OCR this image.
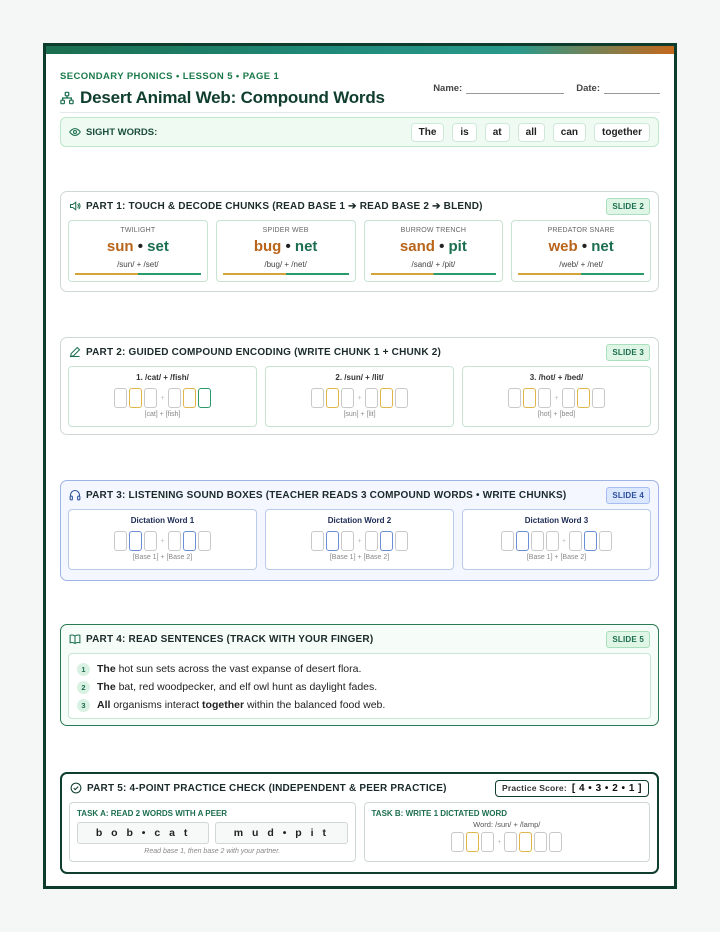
SECONDARY PHONICS • LESSON 5 • PAGE 1
Desert Animal Web: Compound Words	Name:	Date:
SIGHT WORDS:	The	is	at	all	can	together
PART 1: TOUCH & DECODE CHUNKS (READ BASE 1 ➔ READ BASE 2 ➔ BLEND)	SLIDE 2
TWILIGHT
sun • set
/sun/ + /set/
SPIDER WEB
bug • net
/bug/ + /net/
BURROW TRENCH
sand • pit
/sand/ + /pit/
PREDATOR SNARE
web • net
/web/ + /net/
PART 2: GUIDED COMPOUND ENCODING (WRITE CHUNK 1 + CHUNK 2)	SLIDE 3
1. /cat/ + /fish/
+
[cat] + [fish]
2. /sun/ + /lit/
+
[sun] + [lit]
3. /hot/ + /bed/
+
[hot] + [bed]
PART 3: LISTENING SOUND BOXES (TEACHER READS 3 COMPOUND WORDS • WRITE CHUNKS)	SLIDE 4
Dictation Word 1
+
[Base 1] + [Base 2]
Dictation Word 2
+
[Base 1] + [Base 2]
Dictation Word 3
+
[Base 1] + [Base 2]
PART 4: READ SENTENCES (TRACK WITH YOUR FINGER)	SLIDE 5
1	The hot sun sets across the vast expanse of desert flora.
2	The bat, red woodpecker, and elf owl hunt as daylight fades.
3	All organisms interact together within the balanced food web.
PART 5: 4-POINT PRACTICE CHECK (INDEPENDENT & PEER PRACTICE)	Practice Score: [ 4 • 3 • 2 • 1 ]
TASK A: READ 2 WORDS WITH A PEER
b o b • c a t	m u d • p i t
Read base 1, then base 2 with your partner.
TASK B: WRITE 1 DICTATED WORD
Word: /sun/ + /lamp/
+
